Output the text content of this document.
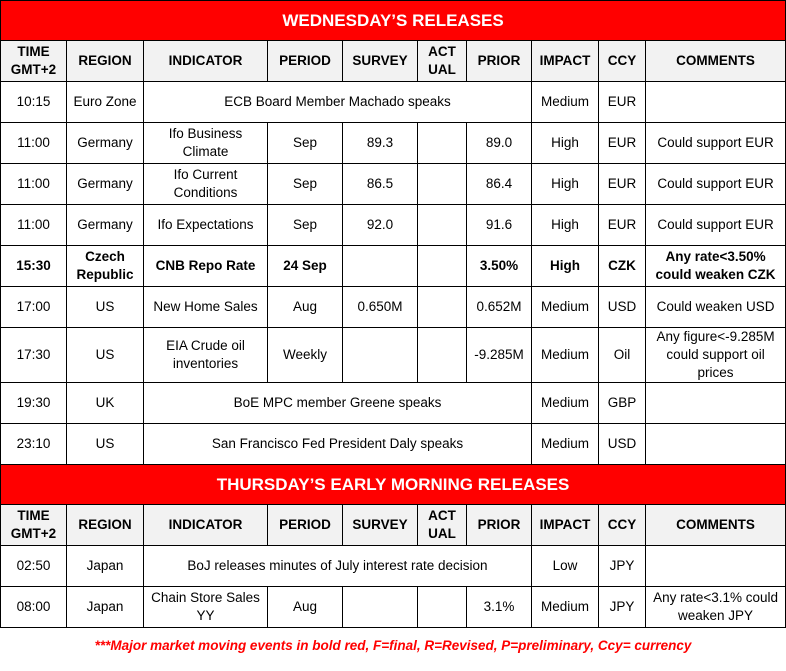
WEDNESDAY’S RELEASES									
TIME GMT+2	REGION	INDICATOR	PERIOD	SURVEY	ACT UAL	PRIOR	IMPACT	CCY	COMMENTS
10:15	Euro Zone	ECB Board Member Machado speaks					Medium	EUR	
11:00	Germany	Ifo Business Climate	Sep	89.3		89.0	High	EUR	Could support EUR
11:00	Germany	Ifo Current Conditions	Sep	86.5		86.4	High	EUR	Could support EUR
11:00	Germany	Ifo Expectations	Sep	92.0		91.6	High	EUR	Could support EUR
15:30	Czech Republic	CNB Repo Rate	24 Sep			3.50%	High	CZK	Any rate<3.50% could weaken CZK
17:00	US	New Home Sales	Aug	0.650M		0.652M	Medium	USD	Could weaken USD
17:30	US	EIA Crude oil inventories	Weekly			-9.285M	Medium	Oil	Any figure<-9.285M could support oil prices
19:30	UK	BoE MPC member Greene speaks					Medium	GBP	
23:10	US	San Francisco Fed President Daly speaks					Medium	USD	
THURSDAY’S EARLY MORNING RELEASES									
TIME GMT+2	REGION	INDICATOR	PERIOD	SURVEY	ACT UAL	PRIOR	IMPACT	CCY	COMMENTS
02:50	Japan	BoJ releases minutes of July interest rate decision					Low	JPY	
08:00	Japan	Chain Store Sales YY	Aug			3.1%	Medium	JPY	Any rate<3.1% could weaken JPY
***Major market moving events in bold red, F=final, R=Revised, P=preliminary, Ccy= currency
